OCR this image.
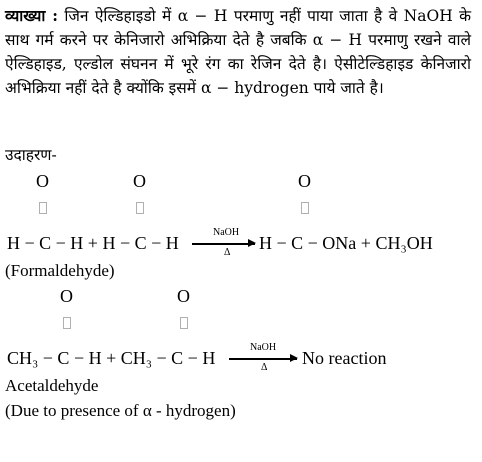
व्याख्या : जिन ऐल्डिहाइडो में α − H परमाणु नहीं पाया जाता है वे NaOH के साथ गर्म करने पर केनिजारो अभिक्रिया देते है जबकि α − H परमाणु रखने वाले ऐल्डिहाइड, एल्डोल संघनन में भूरे रंग का रेजिन देते है। ऐसीटेल्डिहाइड केनिजारो अभिक्रिया नहीं देते है क्योंकि इसमें α − hydrogen पाये जाते है।
उदाहरण-
O	O	O
H − C − H + H − C − H
NaOH
Δ H − C − ONa + CH₃OH
(Formaldehyde)
O	O
CH₃ − C − H + CH₃ − C − H
NaOH
Δ No reaction
Acetaldehyde
(Due to presence of α - hydrogen)
